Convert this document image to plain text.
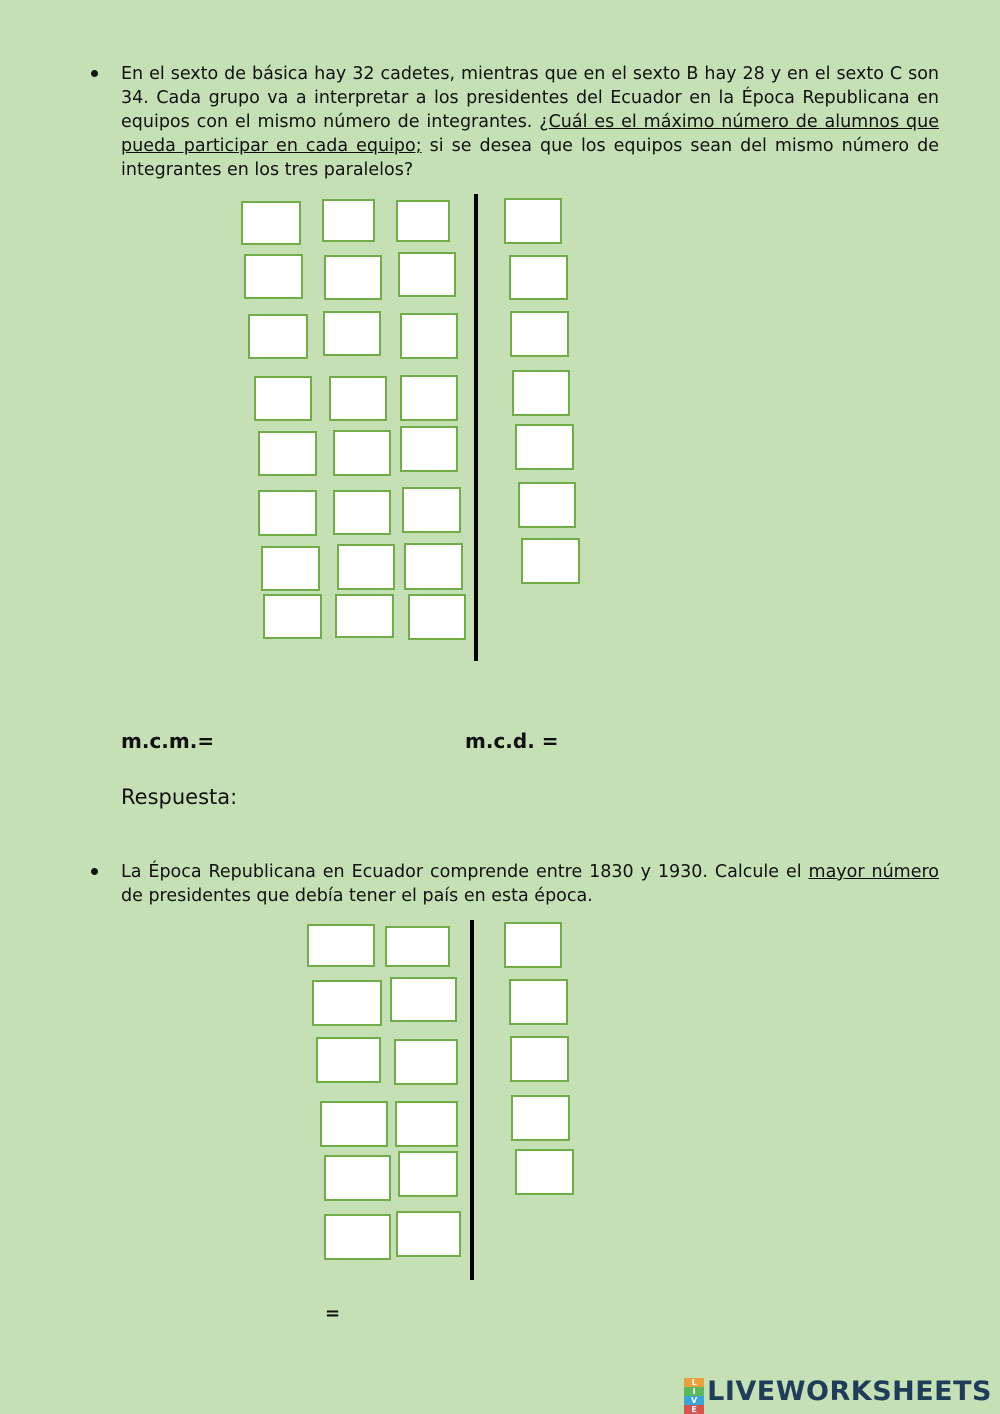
En el sexto de básica hay 32 cadetes, mientras que en el sexto B hay 28 y en el sexto C son 34. Cada grupo va a interpretar a los presidentes del Ecuador en la Época Republicana en equipos con el mismo número de integrantes. ¿Cuál es el máximo número de alumnos que pueda participar en cada equipo; si se desea que los equipos sean del mismo número de integrantes en los tres paralelos?
m.c.m.=	m.c.d. =
Respuesta:
La Época Republicana en Ecuador comprende entre 1830 y 1930. Calcule el mayor número de presidentes que debía tener el país en esta época.
=
L
I
V
E
LIVEWORKSHEETS
